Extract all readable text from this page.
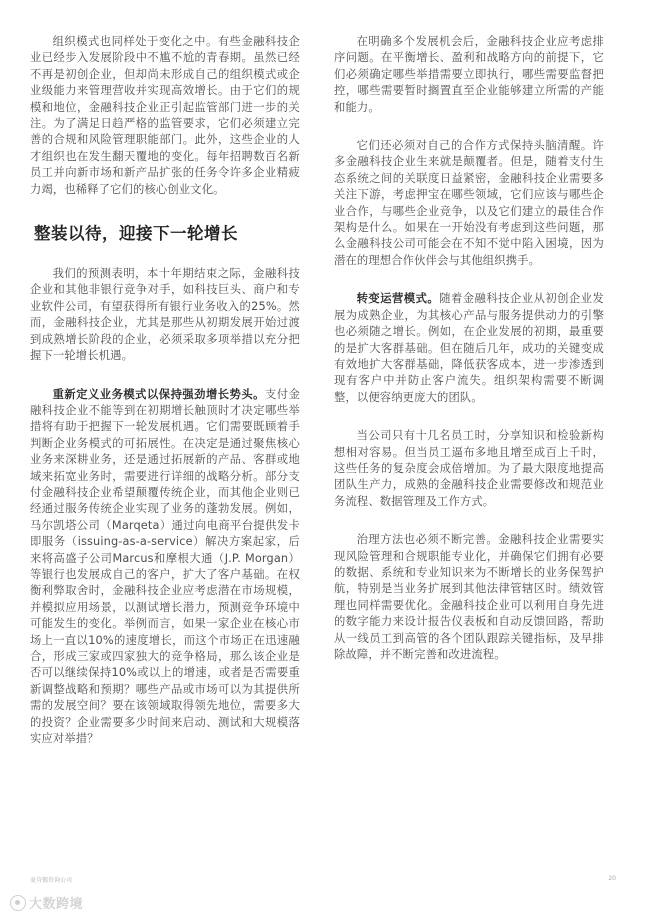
组织模式也同样处于变化之中。有些金融科技企业已经步入发展阶段中不尴不尬的青春期。虽然已经不再是初创企业，但却尚未形成自己的组织模式或企业级能力来管理营收并实现高效增长。由于它们的规模和地位，金融科技企业正引起监管部门进一步的关注。为了满足日趋严格的监管要求，它们必须建立完善的合规和风险管理职能部门。此外，这些企业的人才组织也在发生翻天覆地的变化。每年招聘数百名新员工并向新市场和新产品扩张的任务令许多企业精疲力竭，也稀释了它们的核心创业文化。

整装以待，迎接下一轮增长

我们的预测表明，本十年期结束之际，金融科技企业和其他非银行竞争对手，如科技巨头、商户和专业软件公司，有望获得所有银行业务收入的25%。然而，金融科技企业，尤其是那些从初期发展开始过渡到成熟增长阶段的企业，必须采取多项举措以充分把握下一轮增长机遇。

重新定义业务模式以保持强劲增长势头。支付金融科技企业不能等到在初期增长触顶时才决定哪些举措将有助于把握下一轮发展机遇。它们需要既顾着手判断企业务模式的可拓展性。在决定是通过聚焦核心业务来深耕业务，还是通过拓展新的产品、客群或地域来拓宽业务时，需要进行详细的战略分析。部分支付金融科技企业希望颠覆传统企业，而其他企业则已经通过服务传统企业实现了业务的蓬勃发展。例如，马尔凯塔公司（Marqeta）通过向电商平台提供发卡即服务（issuing-as-a-service）解决方案起家，后来将高盛子公司Marcus和摩根大通（J.P. Morgan）等银行也发展成自己的客户，扩大了客户基础。在权衡利弊取舍时，金融科技企业应考虑潜在市场规模，并模拟应用场景，以测试增长潜力，预测竞争环境中可能发生的变化。举例而言，如果一家企业在核心市场上一直以10%的速度增长，而这个市场正在迅速融合，形成三家或四家独大的竞争格局，那么该企业是否可以继续保持10%或以上的增速，或者是否需要重新调整战略和预期？哪些产品或市场可以为其提供所需的发展空间？要在该领域取得领先地位，需要多大的投资？企业需要多少时间来启动、测试和大规模落实应对举措？

在明确多个发展机会后，金融科技企业应考虑排序问题。在平衡增长、盈利和战略方向的前提下，它们必须确定哪些举措需要立即执行，哪些需要监督把控，哪些需要暂时搁置直至企业能够建立所需的产能和能力。

它们还必须对自己的合作方式保持头脑清醒。许多金融科技企业生来就是颠覆者。但是，随着支付生态系统之间的关联度日益紧密，金融科技企业需要多关注下游，考虑押宝在哪些领域，它们应该与哪些企业合作，与哪些企业竞争，以及它们建立的最佳合作架构是什么。如果在一开始没有考虑到这些问题，那么金融科技公司可能会在不知不觉中陷入困境，因为潜在的理想合作伙伴会与其他组织携手。

转变运营模式。随着金融科技企业从初创企业发展为成熟企业，为其核心产品与服务提供动力的引擎也必须随之增长。例如，在企业发展的初期，最重要的是扩大客群基础。但在随后几年，成功的关键变成有效地扩大客群基础，降低获客成本，进一步渗透到现有客户中并防止客户流失。组织架构需要不断调整，以便容纳更庞大的团队。

当公司只有十几名员工时，分享知识和检验新构想相对容易。但当员工逼布多地且增至成百上千时，这些任务的复杂度会成倍增加。为了最大限度地提高团队生产力，成熟的金融科技企业需要修改和规范业务流程、数据管理及工作方式。

治理方法也必须不断完善。金融科技企业需要实现风险管理和合规职能专业化，并确保它们拥有必要的数据、系统和专业知识来为不断增长的业务保驾护航，特别是当业务扩展到其他法律管辖区时。绩效管理也同样需要优化。金融科技企业可以利用自身先进的数字能力来设计报告仪表板和自动反馈回路，帮助从一线员工到高管的各个团队跟踪关键指标，及早排除故障，并不断完善和改进流程。

麦肯锡咨询公司	20
大数跨境
